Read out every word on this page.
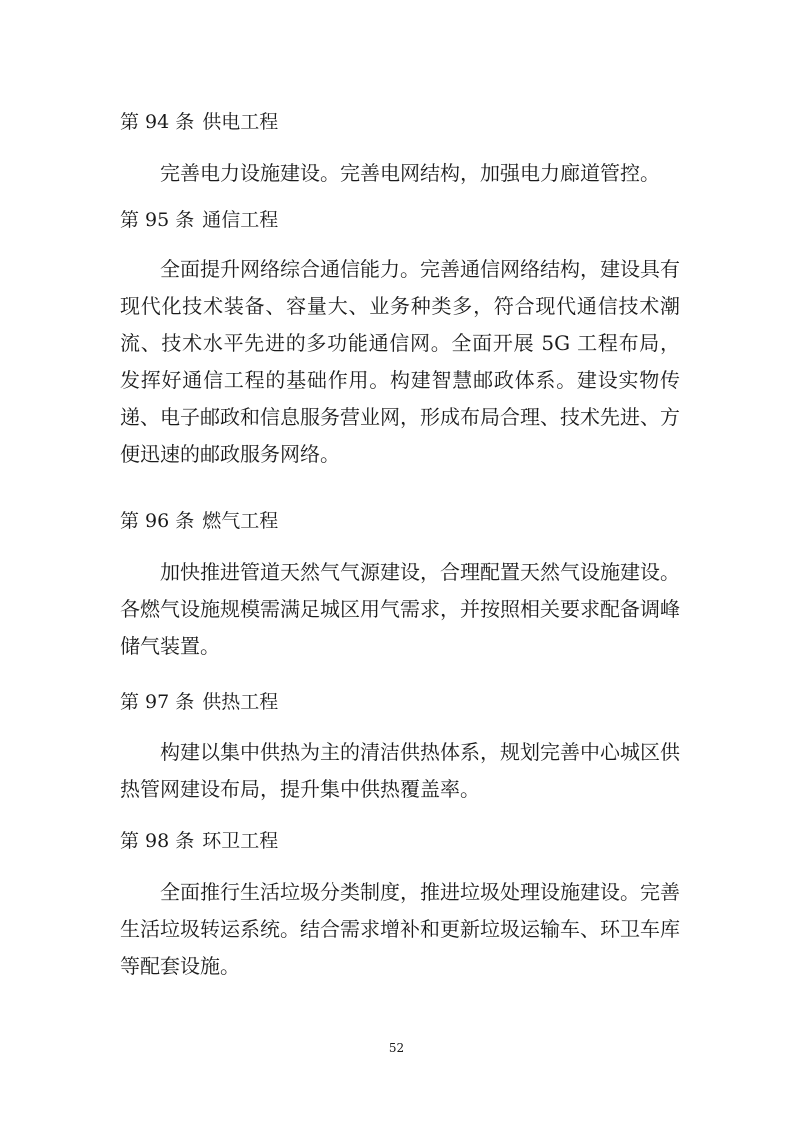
第 94 条 供电工程

完善电力设施建设。完善电网结构，加强电力廊道管控。

第 95 条 通信工程

全面提升网络综合通信能力。完善通信网络结构，建设具有现代化技术装备、容量大、业务种类多，符合现代通信技术潮流、技术水平先进的多功能通信网。全面开展 5G 工程布局，发挥好通信工程的基础作用。构建智慧邮政体系。建设实物传递、电子邮政和信息服务营业网，形成布局合理、技术先进、方便迅速的邮政服务网络。

第 96 条 燃气工程

加快推进管道天然气气源建设，合理配置天然气设施建设。各燃气设施规模需满足城区用气需求，并按照相关要求配备调峰储气装置。

第 97 条 供热工程

构建以集中供热为主的清洁供热体系，规划完善中心城区供热管网建设布局，提升集中供热覆盖率。

第 98 条 环卫工程

全面推行生活垃圾分类制度，推进垃圾处理设施建设。完善生活垃圾转运系统。结合需求增补和更新垃圾运输车、环卫车库等配套设施。

52
